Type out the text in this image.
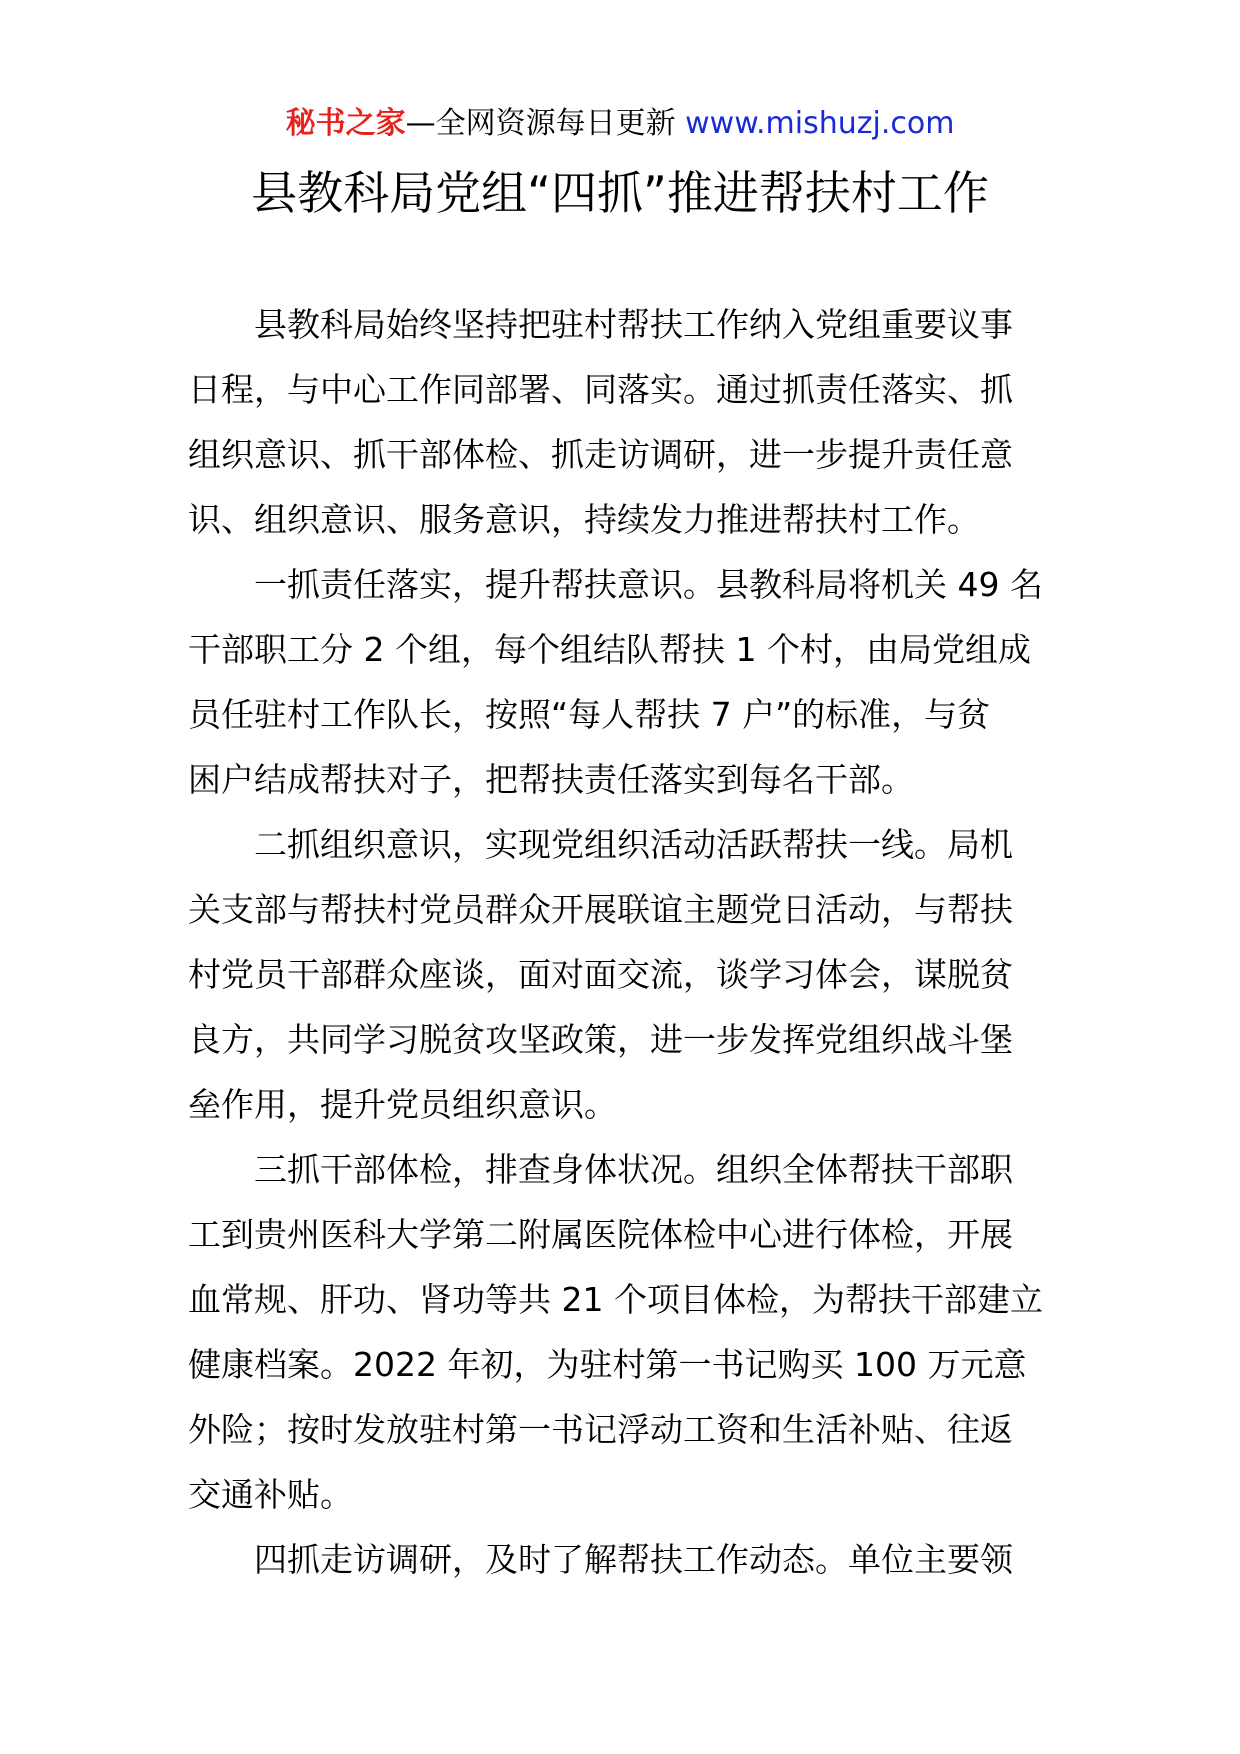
秘书之家—全网资源每日更新 www.mishuzj.com
县教科局党组“四抓”推进帮扶村工作
县教科局始终坚持把驻村帮扶工作纳入党组重要议事
日程，与中心工作同部署、同落实。通过抓责任落实、抓
组织意识、抓干部体检、抓走访调研，进一步提升责任意
识、组织意识、服务意识，持续发力推进帮扶村工作。
一抓责任落实，提升帮扶意识。县教科局将机关 49 名
干部职工分 2 个组，每个组结队帮扶 1 个村，由局党组成
员任驻村工作队长，按照“每人帮扶 7 户”的标准，与贫
困户结成帮扶对子，把帮扶责任落实到每名干部。
二抓组织意识，实现党组织活动活跃帮扶一线。局机
关支部与帮扶村党员群众开展联谊主题党日活动，与帮扶
村党员干部群众座谈，面对面交流，谈学习体会，谋脱贫
良方，共同学习脱贫攻坚政策，进一步发挥党组织战斗堡
垒作用，提升党员组织意识。
三抓干部体检，排查身体状况。组织全体帮扶干部职
工到贵州医科大学第二附属医院体检中心进行体检，开展
血常规、肝功、肾功等共 21 个项目体检，为帮扶干部建立
健康档案。2022 年初，为驻村第一书记购买 100 万元意
外险；按时发放驻村第一书记浮动工资和生活补贴、往返
交通补贴。
四抓走访调研，及时了解帮扶工作动态。单位主要领
